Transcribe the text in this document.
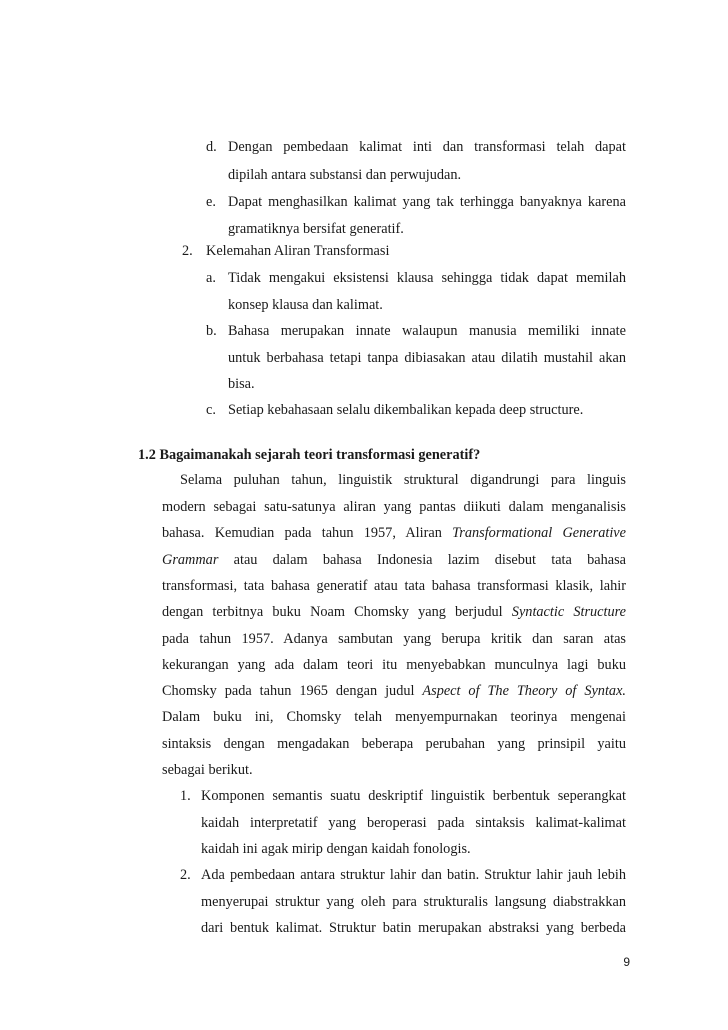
d. Dengan pembedaan kalimat inti dan transformasi telah dapat
dipilah antara substansi dan perwujudan.
e. Dapat menghasilkan kalimat yang tak terhingga banyaknya karena
gramatiknya bersifat generatif.
2. Kelemahan Aliran Transformasi
a. Tidak mengakui eksistensi klausa sehingga tidak dapat memilah
konsep klausa dan kalimat.
b. Bahasa merupakan innate walaupun manusia memiliki innate
untuk berbahasa tetapi tanpa dibiasakan atau dilatih mustahil akan
bisa.
c. Setiap kebahasaan selalu dikembalikan kepada deep structure.
1.2 Bagaimanakah sejarah teori transformasi generatif?
Selama puluhan tahun, linguistik struktural digandrungi para linguis
modern sebagai satu-satunya aliran yang pantas diikuti dalam menganalisis
bahasa. Kemudian pada tahun 1957, Aliran Transformational Generative
Grammar atau dalam bahasa Indonesia lazim disebut tata bahasa
transformasi, tata bahasa generatif atau tata bahasa transformasi klasik, lahir
dengan terbitnya buku Noam Chomsky yang berjudul Syntactic Structure
pada tahun 1957. Adanya sambutan yang berupa kritik dan saran atas
kekurangan yang ada dalam teori itu menyebabkan munculnya lagi buku
Chomsky pada tahun 1965 dengan judul Aspect of The Theory of Syntax.
Dalam buku ini, Chomsky telah menyempurnakan teorinya mengenai
sintaksis dengan mengadakan beberapa perubahan yang prinsipil yaitu
sebagai berikut.
1. Komponen semantis suatu deskriptif linguistik berbentuk seperangkat
kaidah interpretatif yang beroperasi pada sintaksis kalimat-kalimat
kaidah ini agak mirip dengan kaidah fonologis.
2. Ada pembedaan antara struktur lahir dan batin. Struktur lahir jauh lebih
menyerupai struktur yang oleh para strukturalis langsung diabstrakkan
dari bentuk kalimat. Struktur batin merupakan abstraksi yang berbeda
9
